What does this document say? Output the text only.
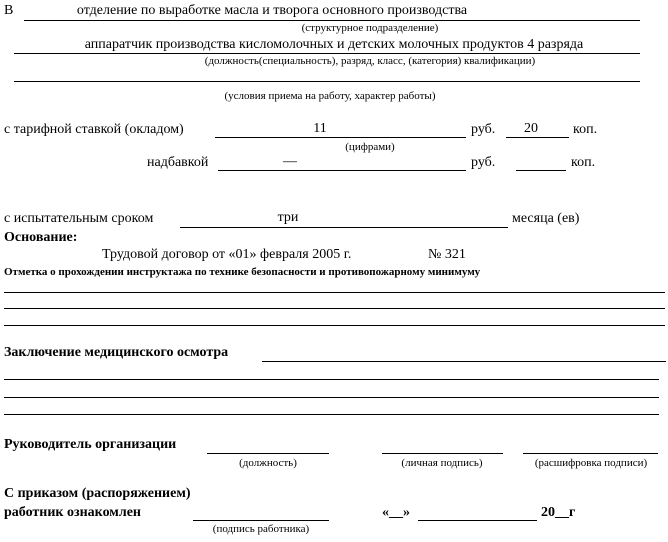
В	отделение по выработке масла и творога основного производства
(структурное подразделение)
аппаратчик производства кисломолочных и детских молочных продуктов 4 разряда
(должность(специальность), разряд, класс, (категория) квалификации)
(условия приема на работу, характер работы)
с тарифной ставкой (окладом)	11	руб.	20	коп.
(цифрами)
надбавкой	—	руб.	коп.
с испытательным сроком	три	месяца (ев)
Основание:
Трудовой договор от «01» февраля 2005 г.	№ 321
Отметка о прохождении инструктажа по технике безопасности и противопожарному минимуму
Заключение медицинского осмотра
Руководитель организации
(должность)	(личная подпись)	(расшифровка подписи)
С приказом (распоряжением)
работник ознакомлен
(подпись работника)
«__»	20__г
